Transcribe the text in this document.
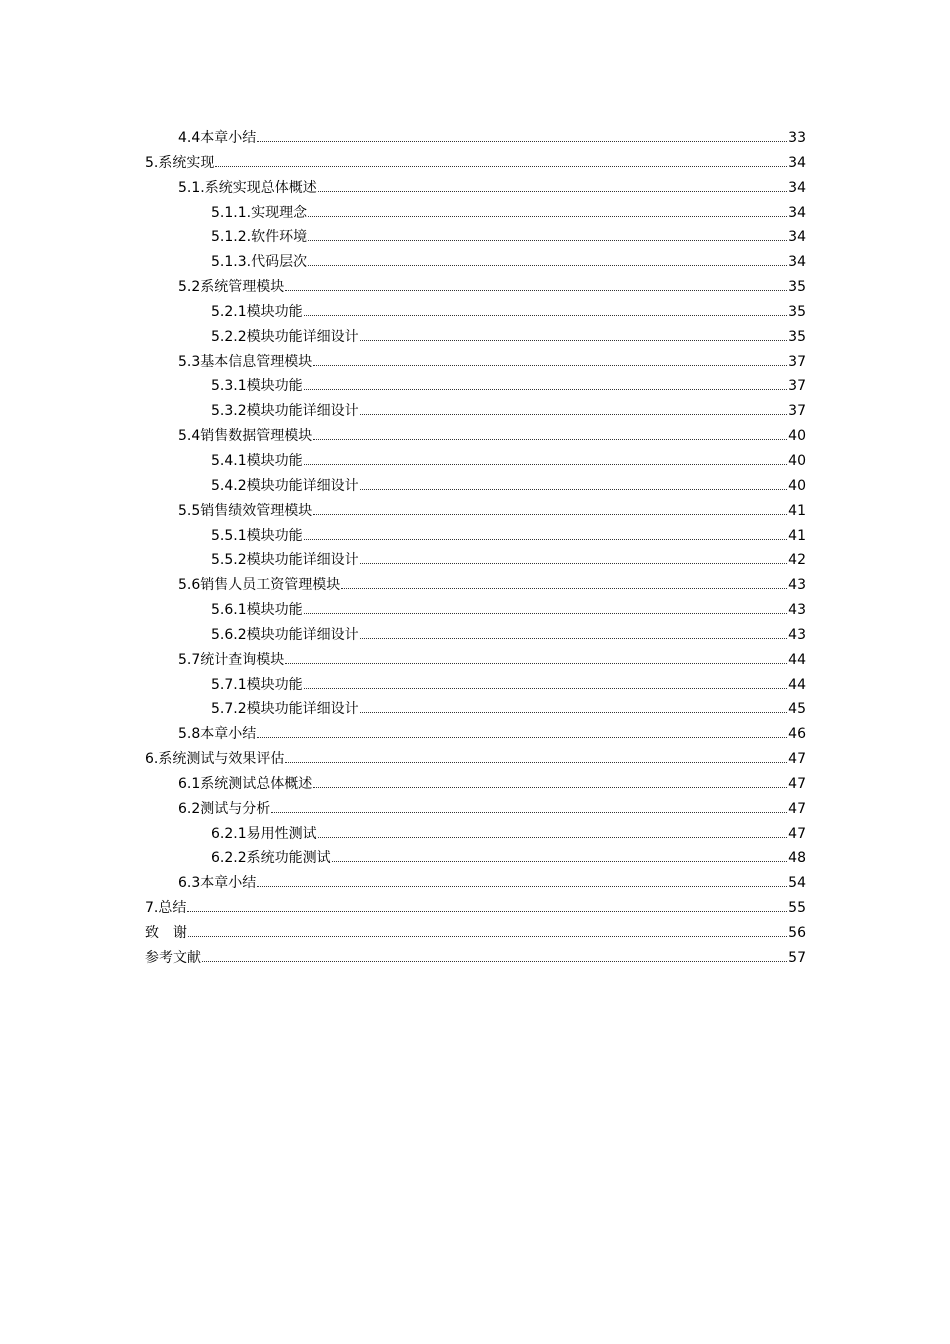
4.4 本章小结	33
5. 系统实现	34
5.1. 系统实现总体概述	34
5.1.1. 实现理念	34
5.1.2. 软件环境	34
5.1.3. 代码层次	34
5.2 系统管理模块	35
5.2.1 模块功能	35
5.2.2 模块功能详细设计	35
5.3 基本信息管理模块	37
5.3.1 模块功能	37
5.3.2 模块功能详细设计	37
5.4 销售数据管理模块	40
5.4.1 模块功能	40
5.4.2 模块功能详细设计	40
5.5 销售绩效管理模块	41
5.5.1 模块功能	41
5.5.2 模块功能详细设计	42
5.6 销售人员工资管理模块	43
5.6.1 模块功能	43
5.6.2 模块功能详细设计	43
5.7 统计查询模块	44
5.7.1 模块功能	44
5.7.2 模块功能详细设计	45
5.8 本章小结	46
6. 系统测试与效果评估	47
6.1 系统测试总体概述	47
6.2 测试与分析	47
6.2.1 易用性测试	47
6.2.2 系统功能测试	48
6.3 本章小结	54
7. 总结	55
致　谢	56
参考文献	57
